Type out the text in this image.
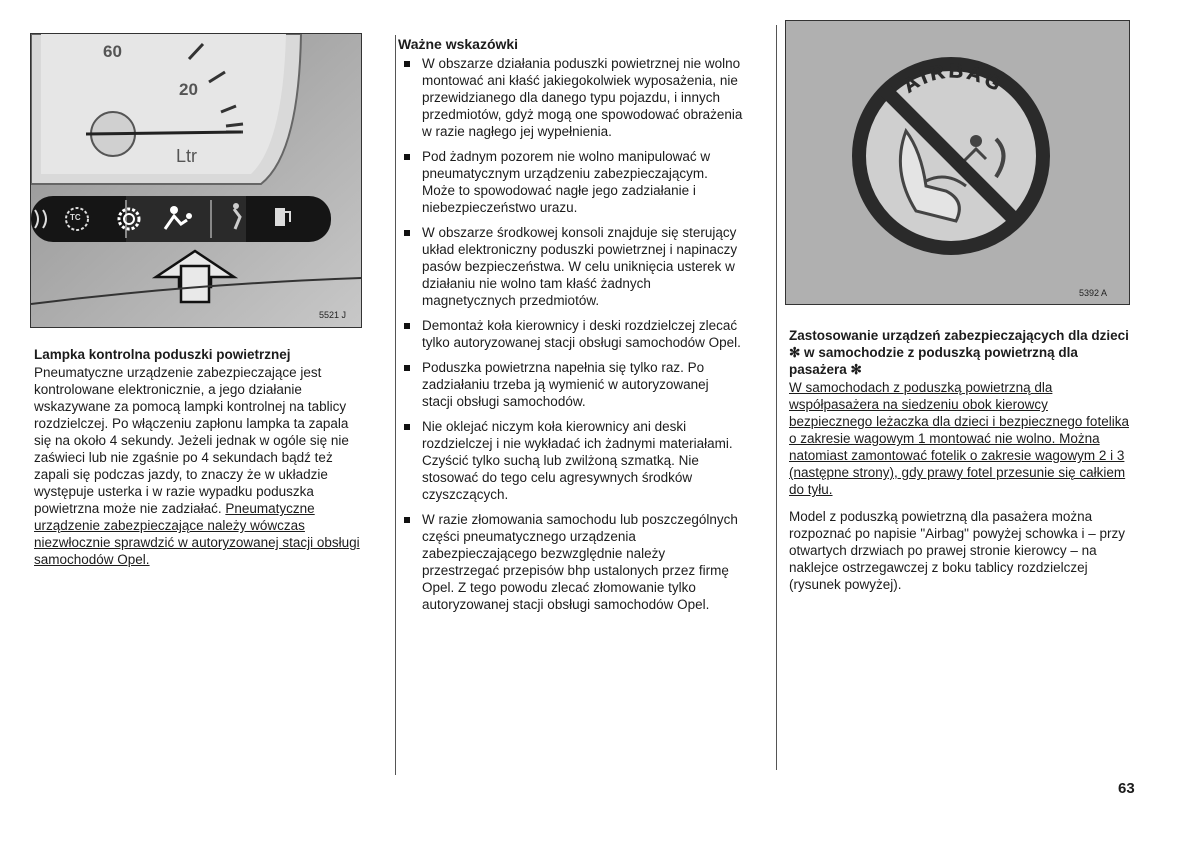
60
20
Ltr
TC
5521 J
Lampka kontrolna poduszki powietrznej
Pneumatyczne urządzenie zabezpieczające jest kontrolowane elektronicznie, a jego działanie wskazywane za pomocą lampki kontrolnej na tablicy rozdzielczej. Po włączeniu zapłonu lampka ta zapala się na około 4 sekundy. Jeżeli jednak w ogóle się nie zaświeci lub nie zgaśnie po 4 sekundach bądź też zapali się podczas jazdy, to znaczy że w układzie występuje usterka i w razie wypadku poduszka powietrzna może nie zadziałać. Pneumatyczne urządzenie zabezpieczające należy wówczas niezwłocznie sprawdzić w autoryzowanej stacji obsługi samochodów Opel.
Ważne wskazówki
W obszarze działania poduszki powietrznej nie wolno montować ani kłaść jakiegokolwiek wyposażenia, nie przewidzianego dla danego typu pojazdu, i innych przedmiotów, gdyż mogą one spowodować obrażenia w razie nagłego jej wypełnienia.
Pod żadnym pozorem nie wolno manipulować w pneumatycznym urządzeniu zabezpieczającym. Może to spowodować nagłe jego zadziałanie i niebezpieczeństwo urazu.
W obszarze środkowej konsoli znajduje się sterujący układ elektroniczny poduszki powietrznej i napinaczy pasów bezpieczeństwa. W celu uniknięcia usterek w działaniu nie wolno tam kłaść żadnych magnetycznych przedmiotów.
Demontaż koła kierownicy i deski rozdzielczej zlecać tylko autoryzowanej stacji obsługi samochodów Opel.
Poduszka powietrzna napełnia się tylko raz. Po zadziałaniu trzeba ją wymienić w autoryzowanej stacji obsługi samochodów.
Nie oklejać niczym koła kierownicy ani deski rozdzielczej i nie wykładać ich żadnymi materiałami. Czyścić tylko suchą lub zwilżoną szmatką. Nie stosować do tego celu agresywnych środków czyszczących.
W razie złomowania samochodu lub poszczególnych części pneumatycznego urządzenia zabezpieczającego bezwzględnie należy przestrzegać przepisów bhp ustalonych przez firmę Opel. Z tego powodu zlecać złomowanie tylko autoryzowanej stacji obsługi samochodów Opel.
AIRBAG
5392 A
Zastosowanie urządzeń zabezpieczających dla dzieci ✻ w samochodzie z poduszką powietrzną dla pasażera ✻
W samochodach z poduszką powietrzną dla współpasażera na siedzeniu obok kierowcy bezpiecznego leżaczka dla dzieci i bezpiecznego fotelika o zakresie wagowym 1 montować nie wolno. Można natomiast zamontować fotelik o zakresie wagowym 2 i 3 (następne strony), gdy prawy fotel przesunie się całkiem do tyłu.
Model z poduszką powietrzną dla pasażera można rozpoznać po napisie "Airbag" powyżej schowka i – przy otwartych drzwiach po prawej stronie kierowcy – na naklejce ostrzegawczej z boku tablicy rozdzielczej (rysunek powyżej).
63
